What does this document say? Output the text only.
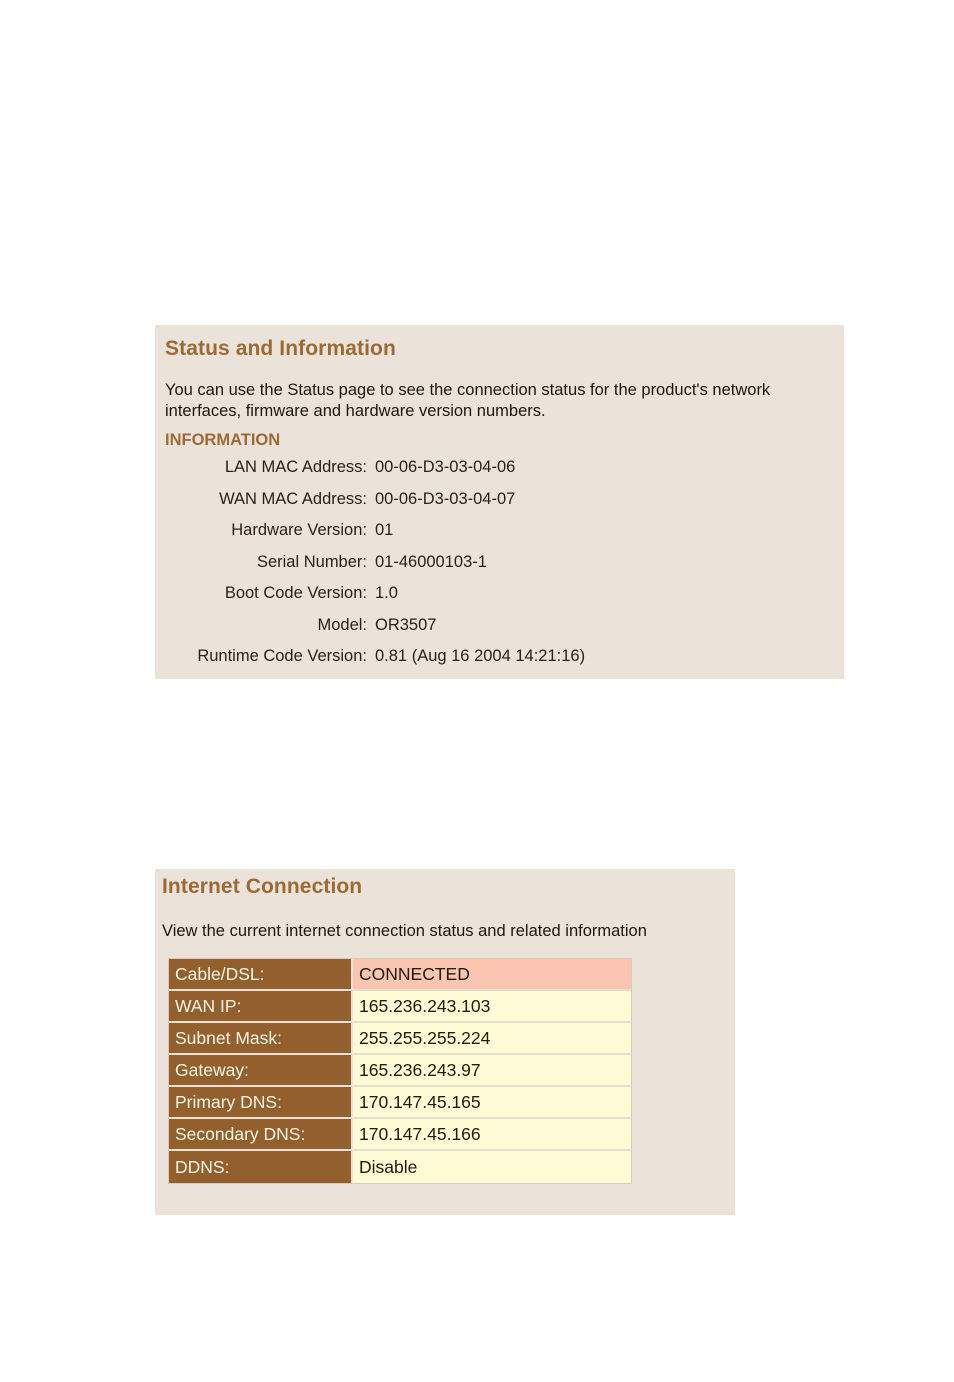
Status and Information
You can use the Status page to see the connection status for the product's network interfaces, firmware and hardware version numbers.
INFORMATION
LAN MAC Address: 00-06-D3-03-04-06
WAN MAC Address: 00-06-D3-03-04-07
Hardware Version: 01
Serial Number: 01-46000103-1
Boot Code Version: 1.0
Model: OR3507
Runtime Code Version: 0.81 (Aug 16 2004 14:21:16)
Internet Connection
View the current internet connection status and related information
Cable/DSL:	CONNECTED
WAN IP:	165.236.243.103
Subnet Mask:	255.255.255.224
Gateway:	165.236.243.97
Primary DNS:	170.147.45.165
Secondary DNS:	170.147.45.166
DDNS:	Disable
